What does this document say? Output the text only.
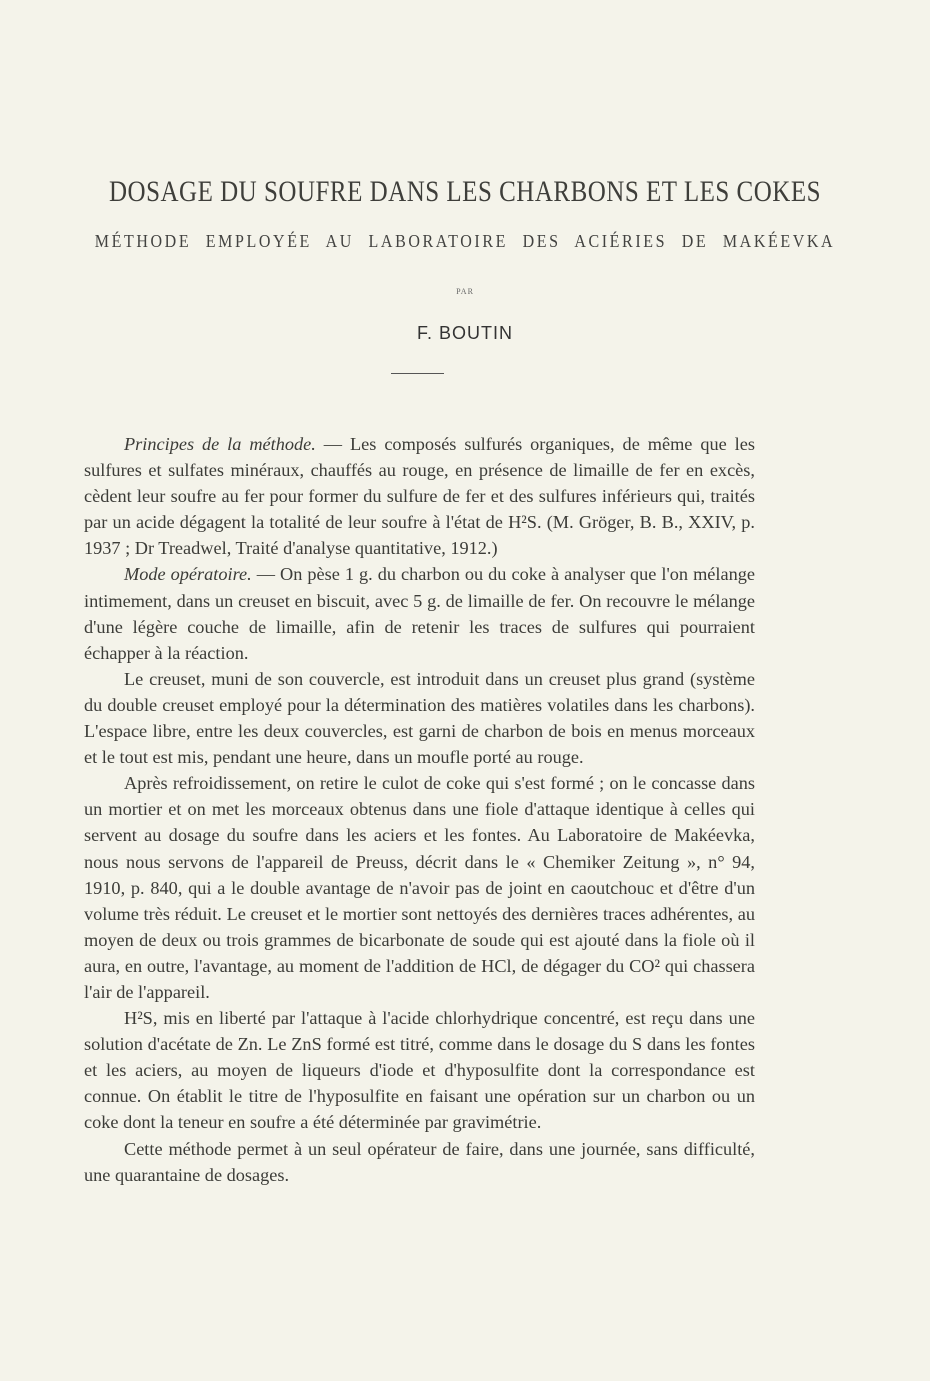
DOSAGE DU SOUFRE DANS LES CHARBONS ET LES COKES
MÉTHODE EMPLOYÉE AU LABORATOIRE DES ACIÉRIES DE MAKÉEVKA
PAR
F. BOUTIN

Principes de la méthode. — Les composés sulfurés organiques, de même que les sulfures et sulfates minéraux, chauffés au rouge, en présence de limaille de fer en excès, cèdent leur soufre au fer pour former du sulfure de fer et des sulfures inférieurs qui, traités par un acide dégagent la totalité de leur soufre à l'état de H²S. (M. Gröger, B. B., XXIV, p. 1937 ; Dr Treadwel, Traité d'analyse quantitative, 1912.)

Mode opératoire. — On pèse 1 g. du charbon ou du coke à analyser que l'on mélange intimement, dans un creuset en biscuit, avec 5 g. de limaille de fer. On recouvre le mélange d'une légère couche de limaille, afin de retenir les traces de sulfures qui pourraient échapper à la réaction.

Le creuset, muni de son couvercle, est introduit dans un creuset plus grand (système du double creuset employé pour la détermination des matières volatiles dans les charbons). L'espace libre, entre les deux couvercles, est garni de charbon de bois en menus morceaux et le tout est mis, pendant une heure, dans un moufle porté au rouge.

Après refroidissement, on retire le culot de coke qui s'est formé ; on le concasse dans un mortier et on met les morceaux obtenus dans une fiole d'attaque identique à celles qui servent au dosage du soufre dans les aciers et les fontes. Au Laboratoire de Makéevka, nous nous servons de l'appareil de Preuss, décrit dans le « Chemiker Zeitung », n° 94, 1910, p. 840, qui a le double avantage de n'avoir pas de joint en caoutchouc et d'être d'un volume très réduit. Le creuset et le mortier sont nettoyés des dernières traces adhérentes, au moyen de deux ou trois grammes de bicarbonate de soude qui est ajouté dans la fiole où il aura, en outre, l'avantage, au moment de l'addition de HCl, de dégager du CO² qui chassera l'air de l'appareil.

H²S, mis en liberté par l'attaque à l'acide chlorhydrique concentré, est reçu dans une solution d'acétate de Zn. Le ZnS formé est titré, comme dans le dosage du S dans les fontes et les aciers, au moyen de liqueurs d'iode et d'hyposulfite dont la correspondance est connue. On établit le titre de l'hyposulfite en faisant une opération sur un charbon ou un coke dont la teneur en soufre a été déterminée par gravimétrie.

Cette méthode permet à un seul opérateur de faire, dans une journée, sans difficulté, une quarantaine de dosages.
